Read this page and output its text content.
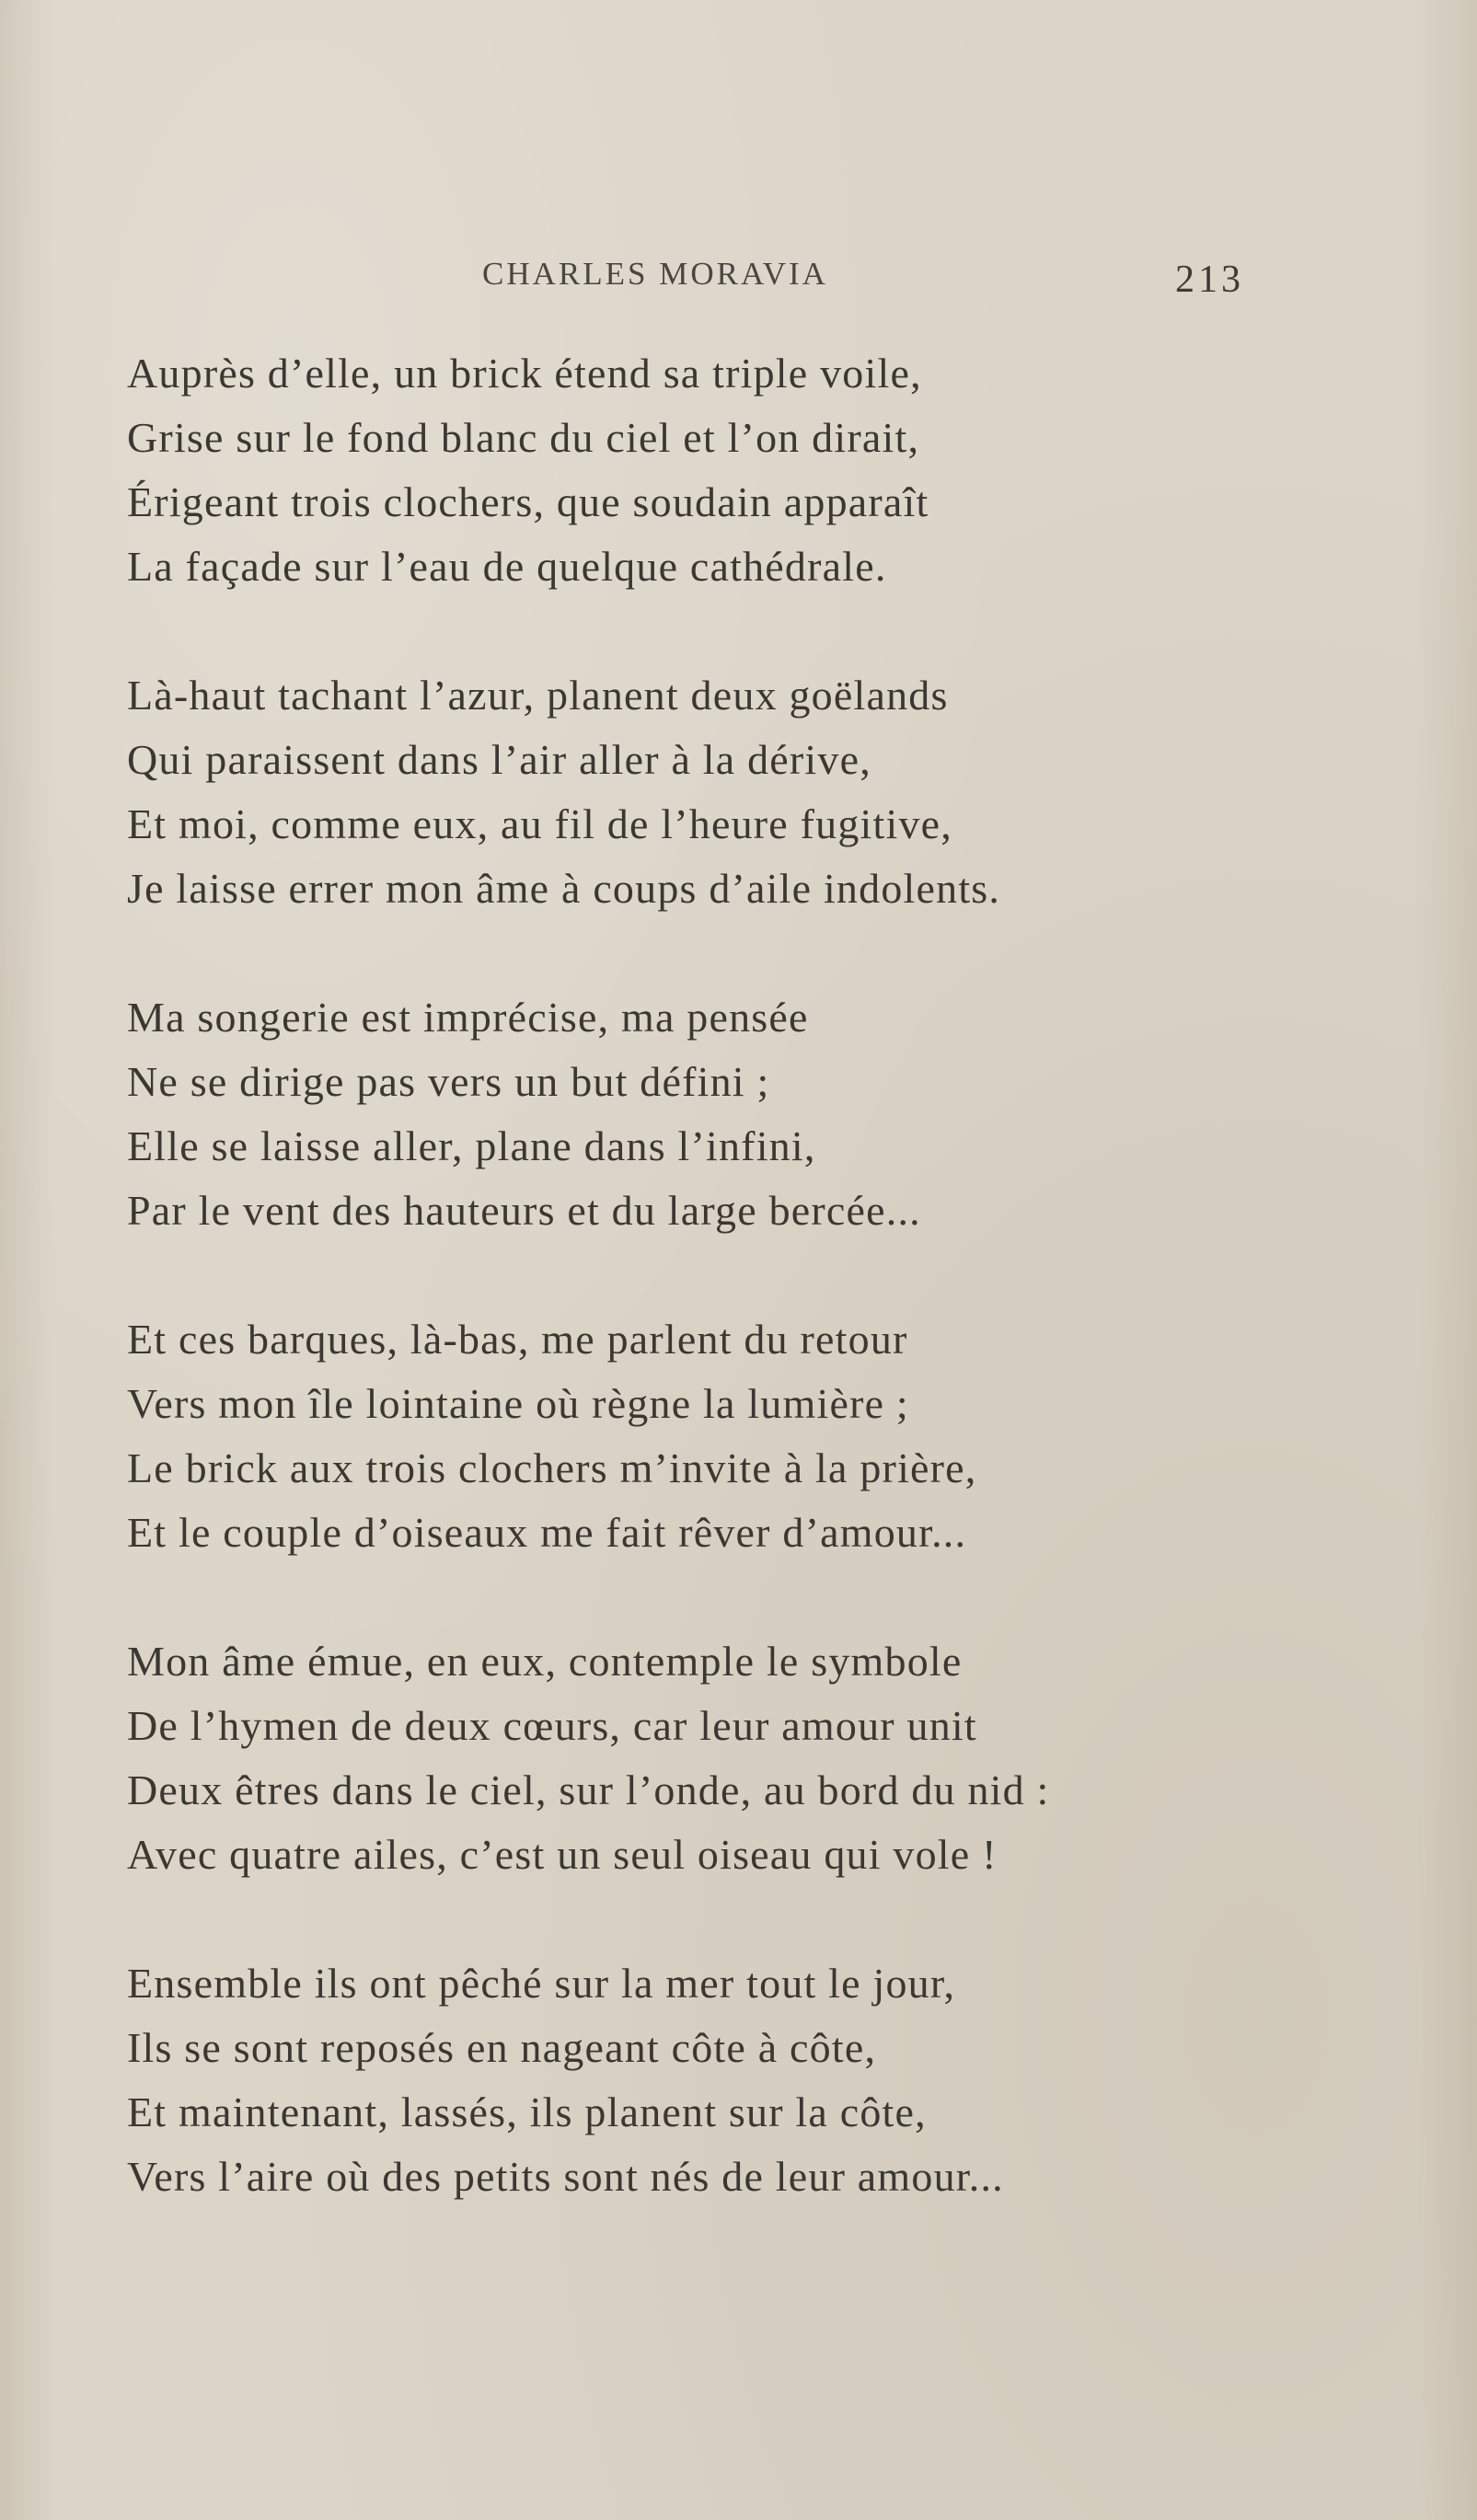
CHARLES MORAVIA	213
Auprès d’elle, un brick étend sa triple voile,
Grise sur le fond blanc du ciel et l’on dirait,
Érigeant trois clochers, que soudain apparaît
La façade sur l’eau de quelque cathédrale.
Là-haut tachant l’azur, planent deux goëlands
Qui paraissent dans l’air aller à la dérive,
Et moi, comme eux, au fil de l’heure fugitive,
Je laisse errer mon âme à coups d’aile indolents.
Ma songerie est imprécise, ma pensée
Ne se dirige pas vers un but défini ;
Elle se laisse aller, plane dans l’infini,
Par le vent des hauteurs et du large bercée...
Et ces barques, là-bas, me parlent du retour
Vers mon île lointaine où règne la lumière ;
Le brick aux trois clochers m’invite à la prière,
Et le couple d’oiseaux me fait rêver d’amour...
Mon âme émue, en eux, contemple le symbole
De l’hymen de deux cœurs, car leur amour unit
Deux êtres dans le ciel, sur l’onde, au bord du nid :
Avec quatre ailes, c’est un seul oiseau qui vole !
Ensemble ils ont pêché sur la mer tout le jour,
Ils se sont reposés en nageant côte à côte,
Et maintenant, lassés, ils planent sur la côte,
Vers l’aire où des petits sont nés de leur amour...
